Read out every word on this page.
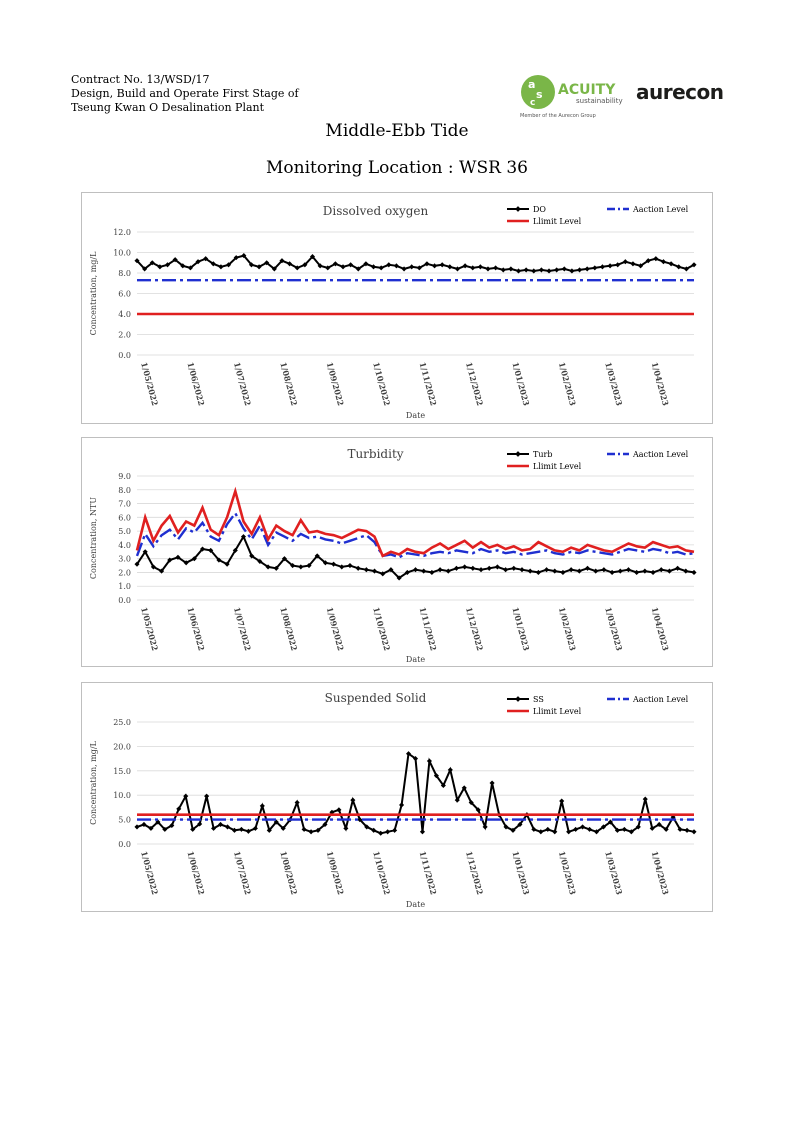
Contract No. 13/WSD/17
Design, Build and Operate First Stage of
Tseung Kwan O Desalination Plant
a
s
c
ACUITY
sustainability
Member of the Aurecon Group
aurecon
Middle-Ebb Tide
Monitoring Location : WSR 36
0.0
2.0
4.0
6.0
8.0
10.0
12.0
Dissolved oxygen
Concentration, mg/L
Date
1/05/2022	1/06/2022	1/07/2022	1/08/2022	1/09/2022	1/10/2022	1/11/2022	1/12/2022	1/01/2023	1/02/2023	1/03/2023	1/04/2023
DO	Aaction Level
Llimit Level
0.0
1.0
2.0
3.0
4.0
5.0
6.0
7.0
8.0
9.0
Turbidity
Concentration, NTU
Date
1/05/2022	1/06/2022	1/07/2022	1/08/2022	1/09/2022	1/10/2022	1/11/2022	1/12/2022	1/01/2023	1/02/2023	1/03/2023	1/04/2023
Turb	Aaction Level
Llimit Level
0.0
5.0
10.0
15.0
20.0
25.0
Suspended Solid
Concentration, mg/L
Date
1/05/2022	1/06/2022	1/07/2022	1/08/2022	1/09/2022	1/10/2022	1/11/2022	1/12/2022	1/01/2023	1/02/2023	1/03/2023	1/04/2023
SS	Aaction Level
Llimit Level
